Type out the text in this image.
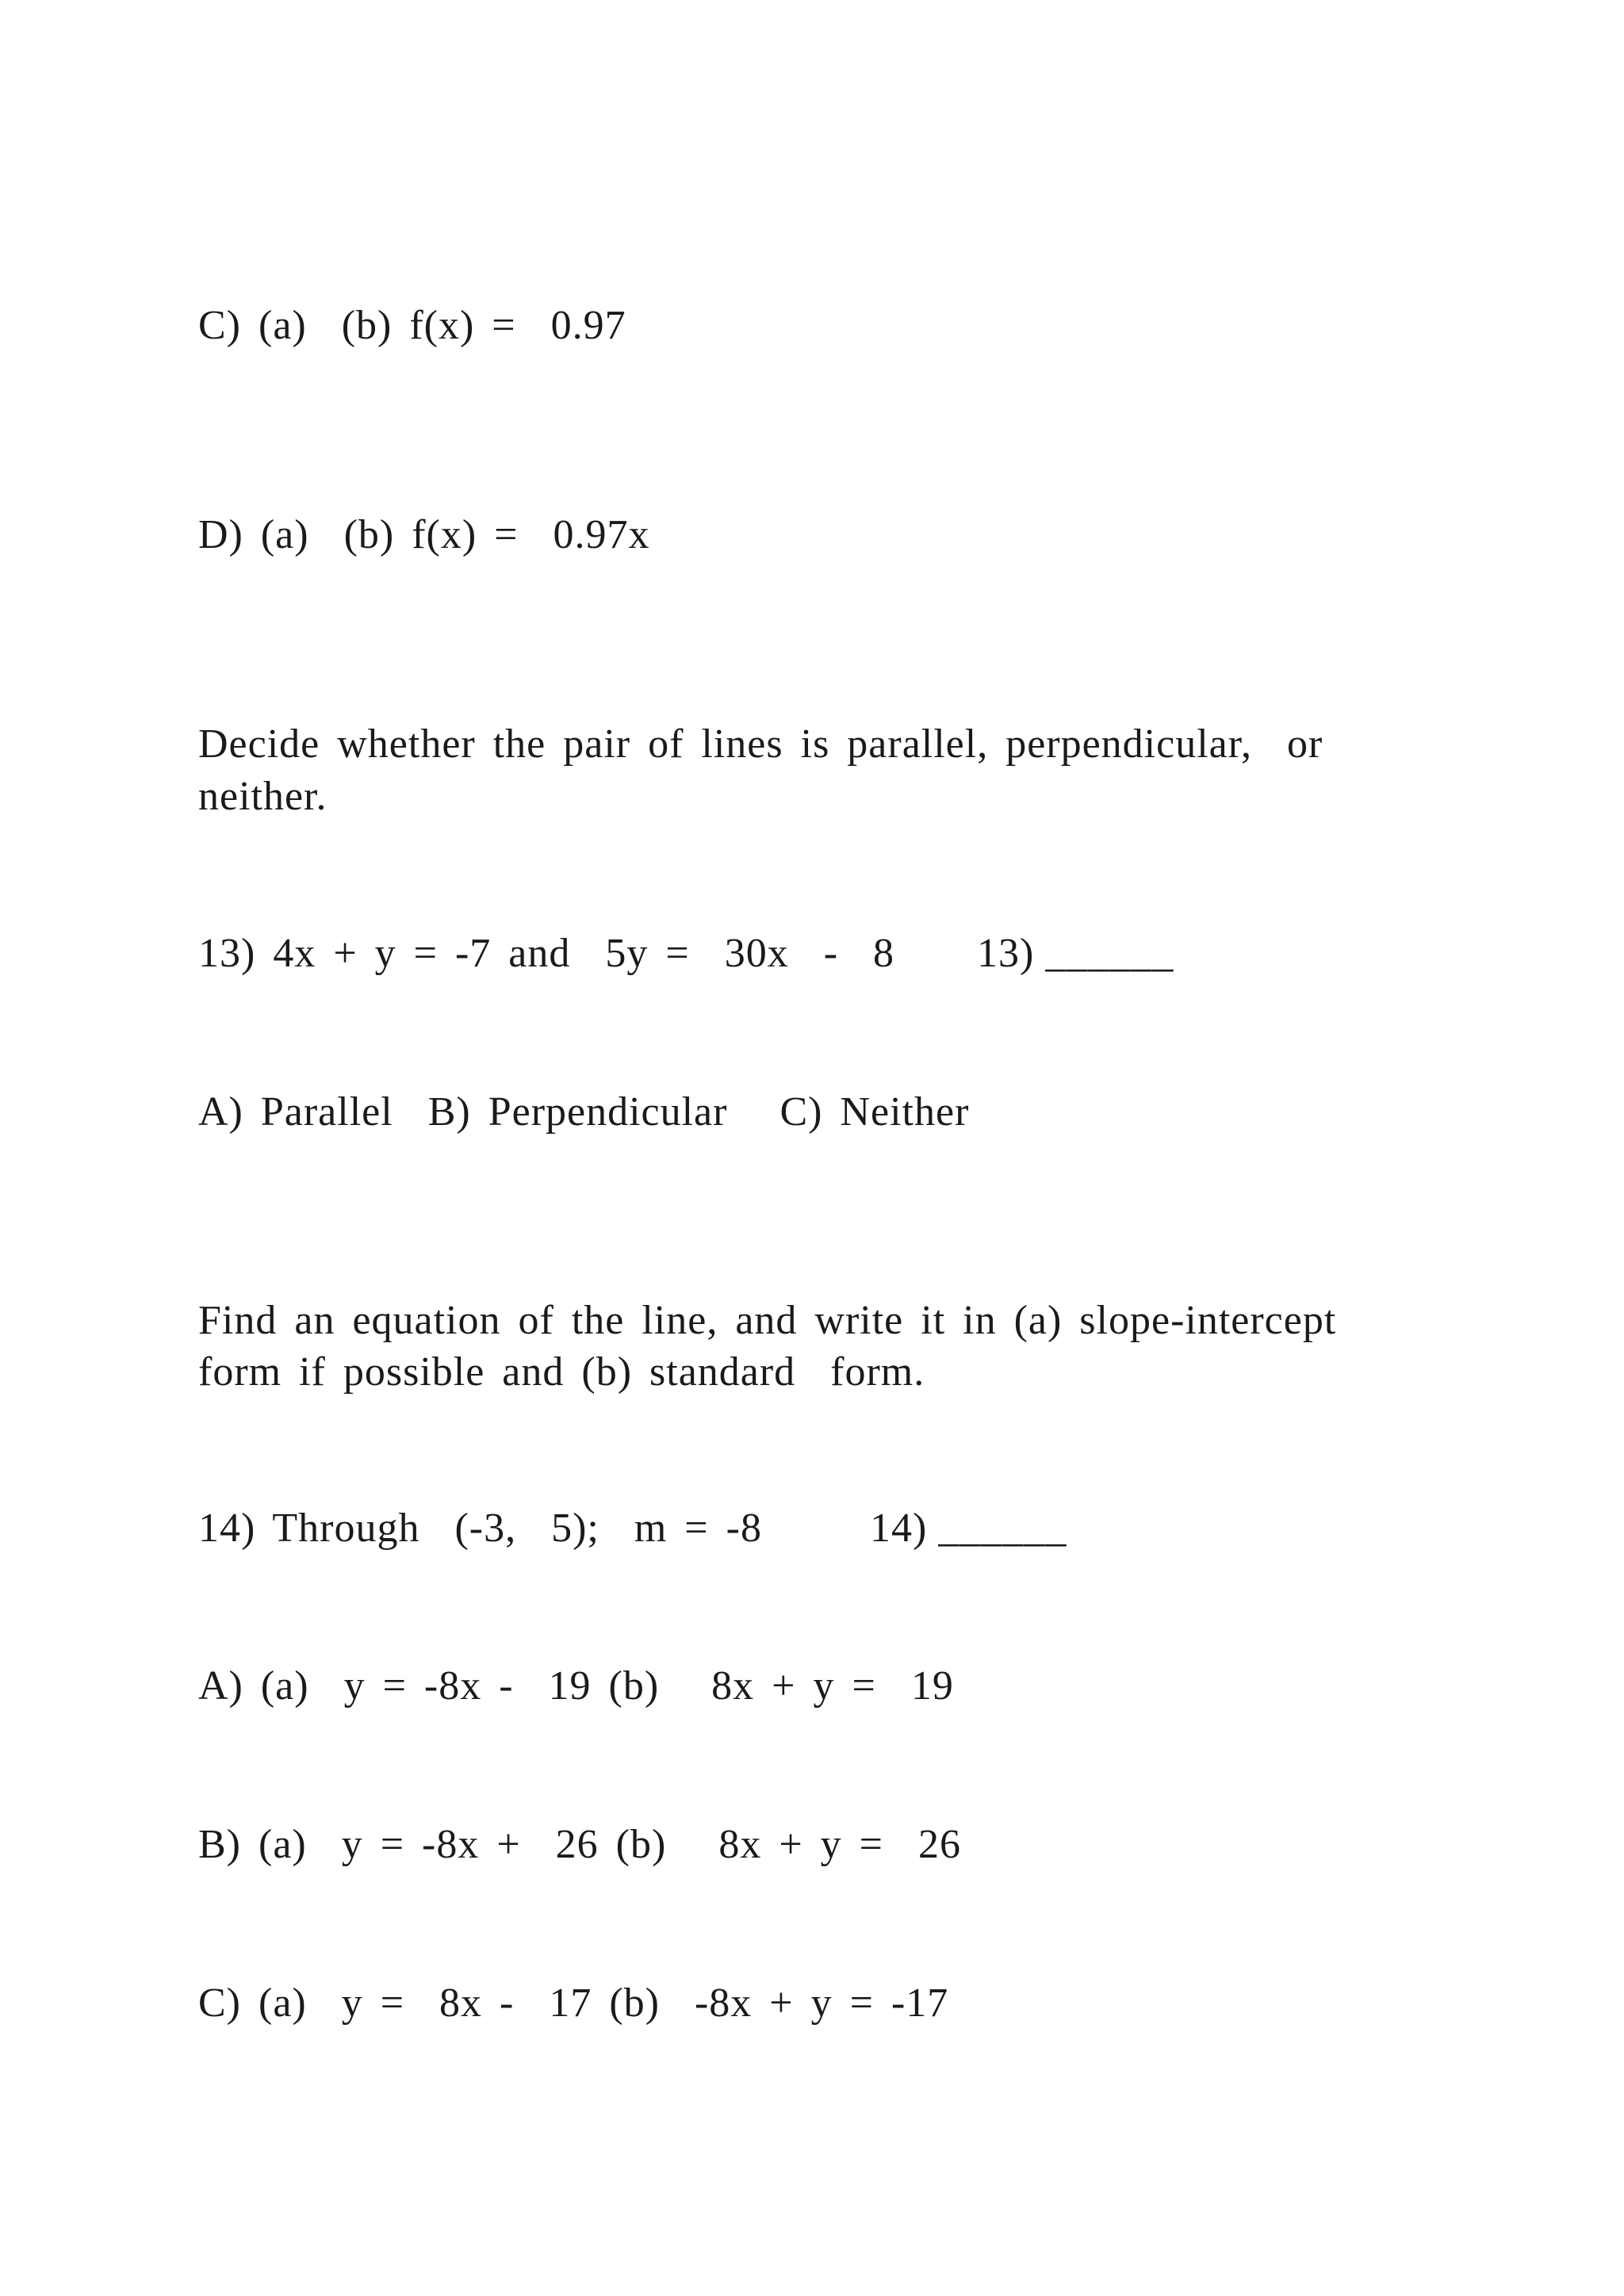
C) (a)  (b) f(x) =  0.97
D) (a)  (b) f(x) =  0.97x
Decide whether the pair of lines is parallel, perpendicular,  or
neither.
13) 4x + y = -7 and  5y =  30x  -  8 13) ______
A) Parallel  B) Perpendicular   C) Neither
Find an equation of the line, and write it in (a) slope-intercept
form if possible and (b) standard  form.
14) Through  (-3,  5);  m = -8	14) ______
A) (a)  y = -8x -  19 (b)   8x + y =  19
B) (a)  y = -8x +  26 (b)   8x + y =  26
C) (a)  y =  8x -  17 (b)  -8x + y = -17
